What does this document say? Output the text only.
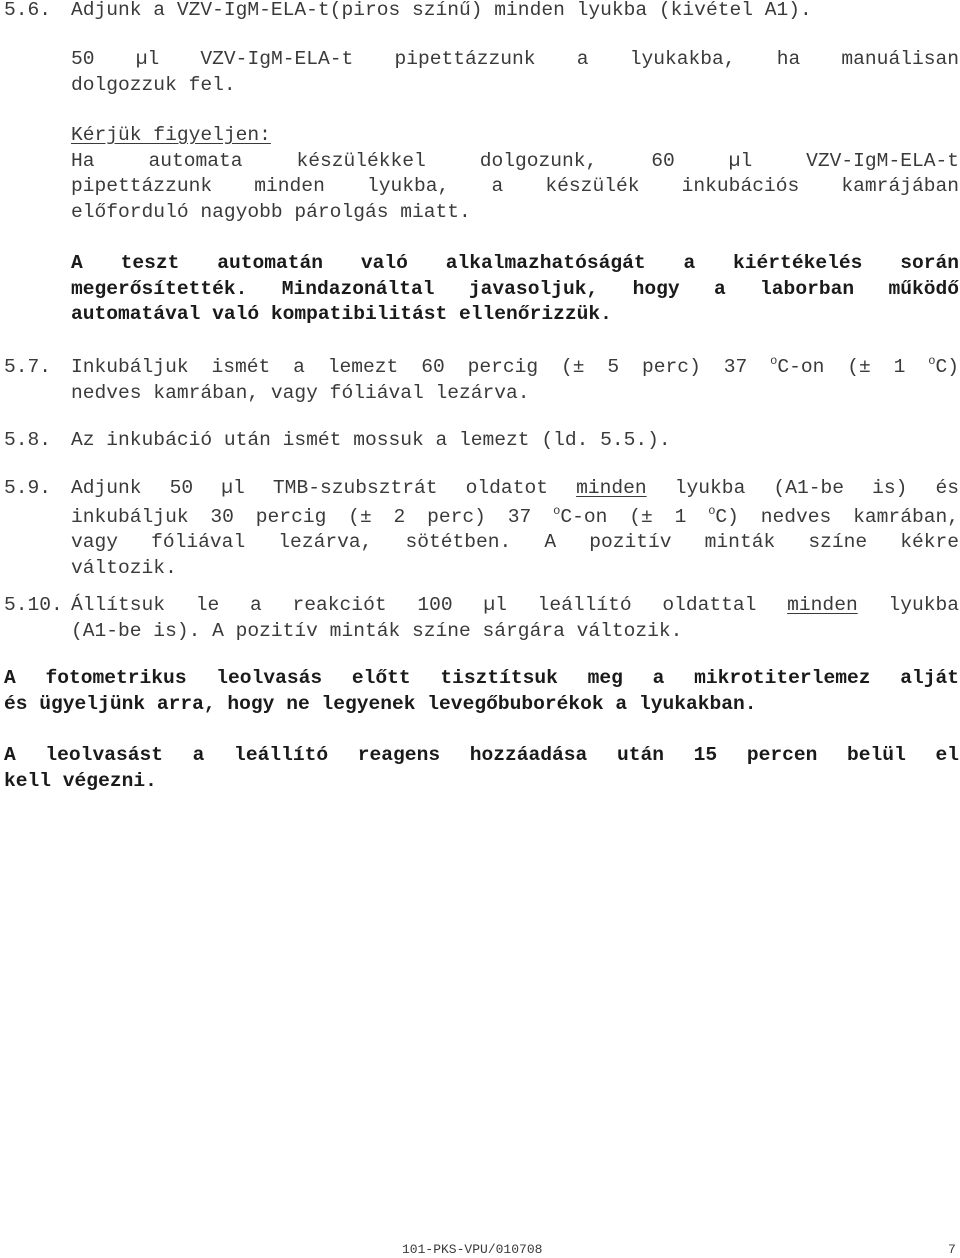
5.6. Adjunk a VZV-IgM-ELA-t(piros színű) minden lyukba (kivétel A1).
50 µl VZV-IgM-ELA-t pipettázzunk a lyukakba, ha manuálisan
dolgozzuk fel.
Kérjük figyeljen:
Ha automata készülékkel dolgozunk, 60 µl VZV-IgM-ELA-t
pipettázzunk minden lyukba, a készülék inkubációs kamrájában
előforduló nagyobb párolgás miatt.
A teszt automatán való alkalmazhatóságát a kiértékelés során
megerősítették. Mindazonáltal javasoljuk, hogy a laborban működő
automatával való kompatibilitást ellenőrizzük.
5.7. Inkubáljuk ismét a lemezt 60 percig (± 5 perc) 37 $^o$C-on (± 1 $^o$C)
nedves kamrában, vagy fóliával lezárva.
5.8. Az inkubáció után ismét mossuk a lemezt (ld. 5.5.).
5.9. Adjunk 50 µl TMB-szubsztrát oldatot minden lyukba (A1-be is) és
inkubáljuk 30 percig (± 2 perc) 37 $^o$C-on (± 1 $^o$C) nedves kamrában,
vagy fóliával lezárva, sötétben. A pozitív minták színe kékre
változik.
5.10. Állítsuk le a reakciót 100 µl leállító oldattal minden lyukba
(A1-be is). A pozitív minták színe sárgára változik.
A fotometrikus leolvasás előtt tisztítsuk meg a mikrotiterlemez alját
és ügyeljünk arra, hogy ne legyenek levegőbuborékok a lyukakban.
A leolvasást a leállító reagens hozzáadása után 15 percen belül el
kell végezni.
101-PKS-VPU/010708	7
